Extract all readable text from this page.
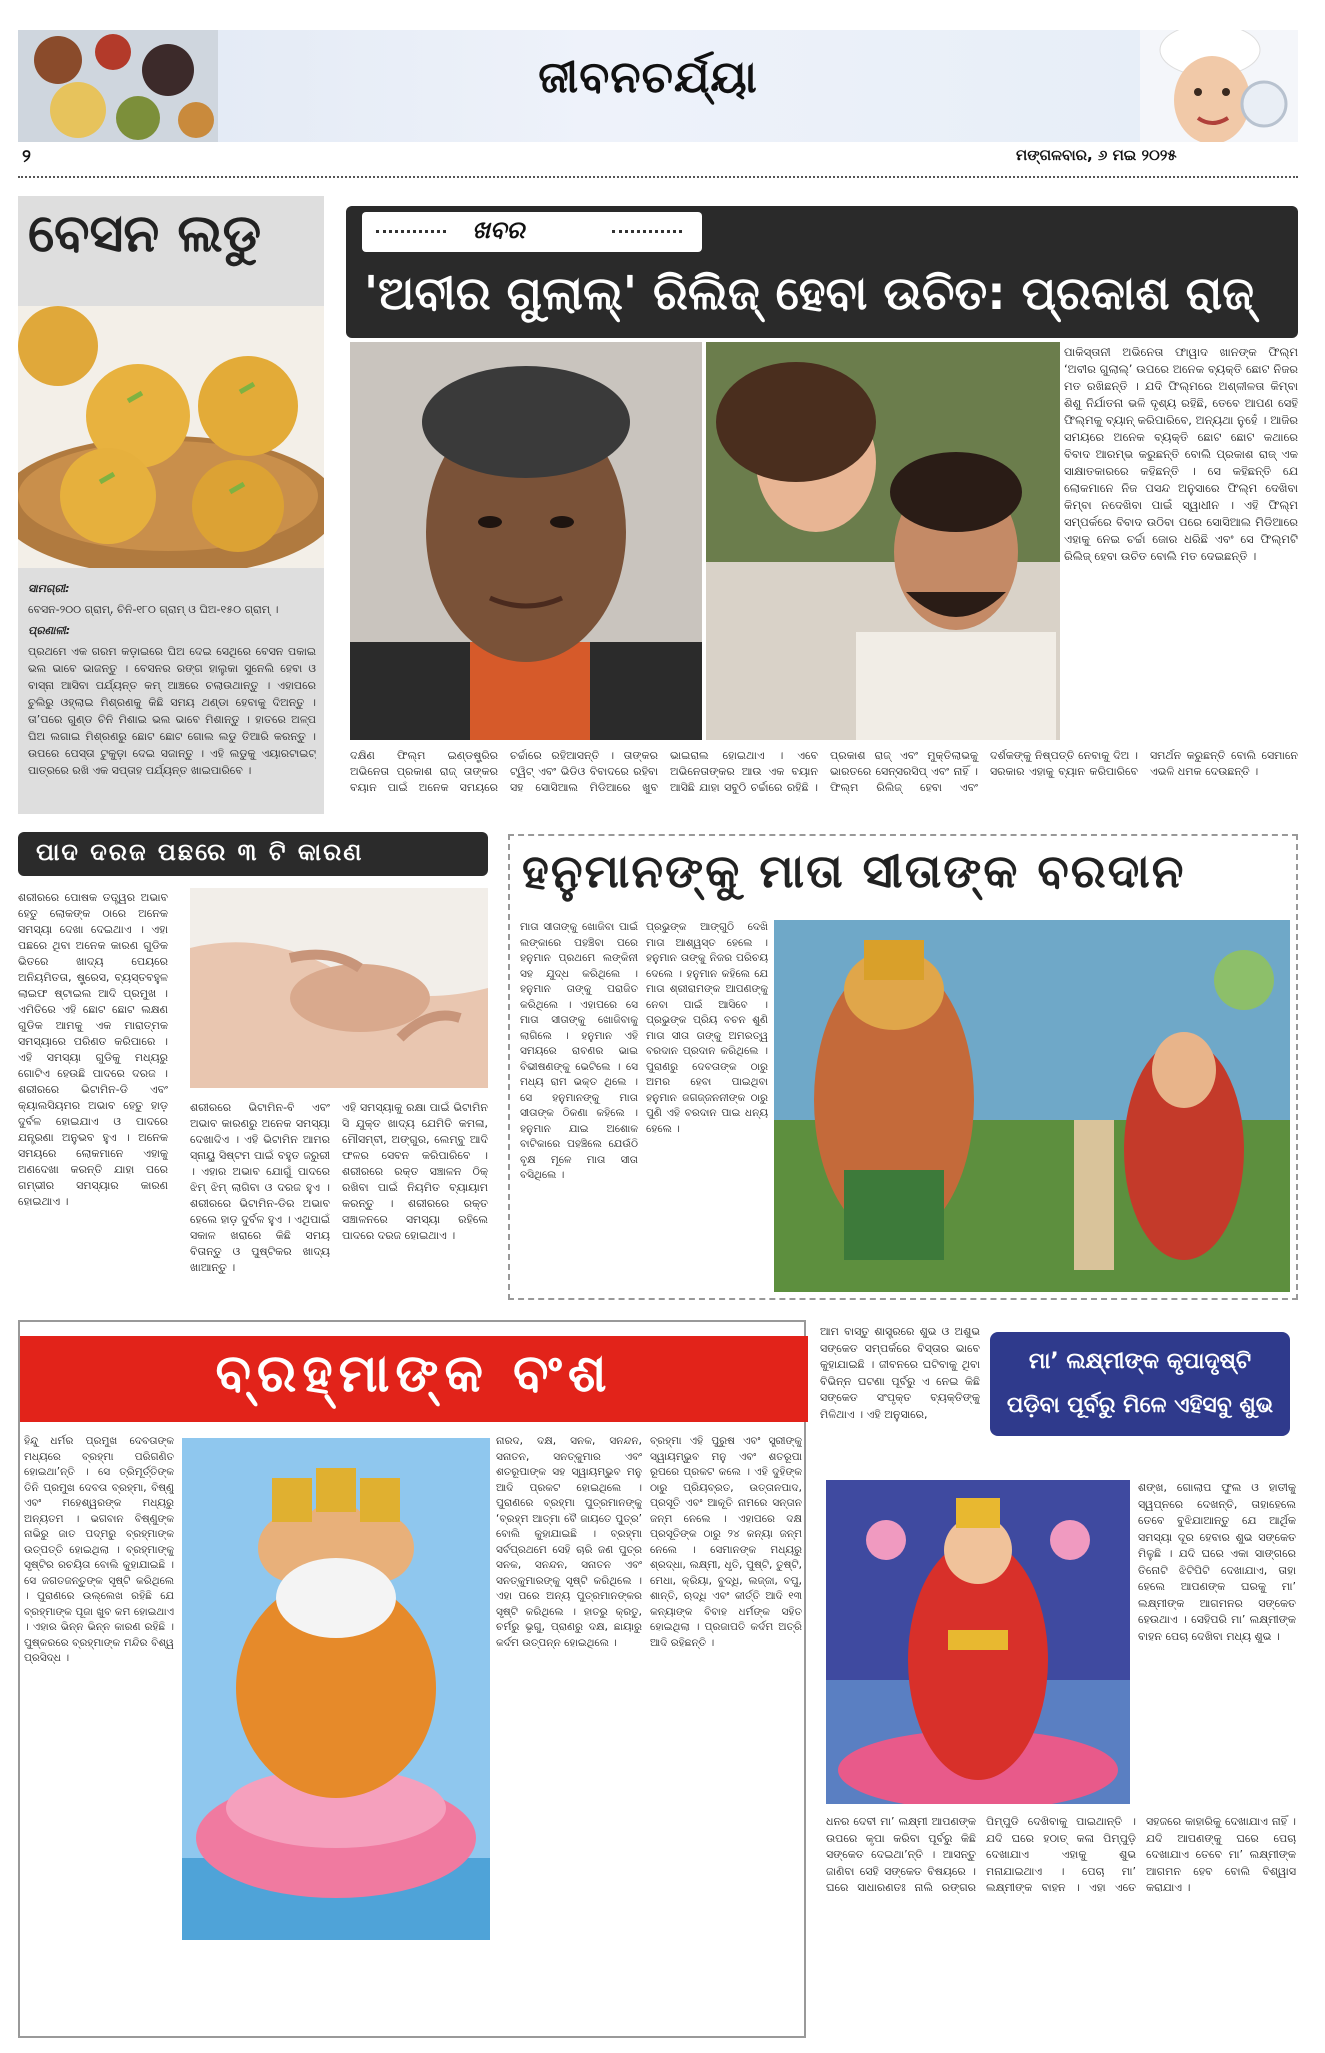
ଜୀବନଚର୍ଯ୍ୟା
୨	ମଙ୍ଗଳବାର, ୬ ମଇ ୨୦୨୫
ବେସନ ଲଡୁ

ସାମଗ୍ରୀ:

ବେସନ-୨୦୦ ଗ୍ରାମ୍, ଚିନି-୧୮୦ ଗ୍ରାମ୍ ଓ ଘିଅ-୧୫୦ ଗ୍ରାମ୍ ।

ପ୍ରଣାଳୀ:

ପ୍ରଥମେ ଏକ ଗରମ କଡ଼ାଇରେ ଘିଅ ଦେଇ ସେଥିରେ ବେସନ ପକାଇ ଭଲ ଭାବେ ଭାଜନ୍ତୁ । ବେସନର ରଙ୍ଗ ହାଲୁକା ସୁନେଲି ହେବା ଓ ବାସ୍ନା ଆସିବା ପର୍ଯ୍ୟନ୍ତ କମ୍ ଆଞ୍ଚରେ ଚଲାଉଥାନ୍ତୁ । ଏହାପରେ ଚୁଲିରୁ ଓହ୍ଲାଇ ମିଶ୍ରଣକୁ କିଛି ସମୟ ଥଣ୍ଡା ହେବାକୁ ଦିଅନ୍ତୁ । ତା’ପରେ ଗୁଣ୍ଡ ଚିନି ମିଶାଇ ଭଲ ଭାବେ ମିଶାନ୍ତୁ । ହାତରେ ଅଳ୍ପ ଘିଅ ଲଗାଇ ମିଶ୍ରଣରୁ ଛୋଟ ଛୋଟ ଗୋଲ ଲଡୁ ତିଆରି କରନ୍ତୁ । ଉପରେ ପେସ୍ତା ଟୁକୁଡ଼ା ଦେଇ ସଜାନ୍ତୁ । ଏହି ଲଡୁକୁ ଏୟାରଟାଇଟ୍ ପାତ୍ରରେ ରଖି ଏକ ସପ୍ତାହ ପର୍ଯ୍ୟନ୍ତ ଖାଇପାରିବେ ।

ଖବର
'ଅବୀର ଗୁଲାଲ୍' ରିଲିଜ୍ ହେବା ଉଚିତ: ପ୍ରକାଶ ରାଜ୍
ପାକିସ୍ତାନୀ ଅଭିନେତା ଫାୱାଦ ଖାନଙ୍କ ଫିଲ୍ମ ‘ଅବୀର ଗୁଲାଲ୍’ ଉପରେ ଅନେକ ବ୍ୟକ୍ତି ଛୋଟ ନିଜର ମତ ରଖିଛନ୍ତି । ଯଦି ଫିଲ୍ମରେ ଅଶ୍ଳୀଳତା କିମ୍ବା ଶିଶୁ ନିର୍ଯାତନା ଭଳି ଦୃଶ୍ୟ ରହିଛି, ତେବେ ଆପଣ ସେହି ଫିଲ୍ମକୁ ବ୍ୟାନ୍ କରିପାରିବେ, ଅନ୍ୟଥା ନୁହେଁ । ଆଜିର ସମୟରେ ଅନେକ ବ୍ୟକ୍ତି ଛୋଟ ଛୋଟ କଥାରେ ବିବାଦ ଆରମ୍ଭ କରୁଛନ୍ତି ବୋଲି ପ୍ରକାଶ ରାଜ୍ ଏକ ସାକ୍ଷାତକାରରେ କହିଛନ୍ତି । ସେ କହିଛନ୍ତି ଯେ ଲୋକମାନେ ନିଜ ପସନ୍ଦ ଅନୁସାରେ ଫିଲ୍ମ ଦେଖିବା କିମ୍ବା ନଦେଖିବା ପାଇଁ ସ୍ୱାଧୀନ । ଏହି ଫିଲ୍ମ ସମ୍ପର୍କରେ ବିବାଦ ଉଠିବା ପରେ ସୋସିଆଲ ମିଡିଆରେ ଏହାକୁ ନେଇ ଚର୍ଚ୍ଚା ଜୋର ଧରିଛି ଏବଂ ସେ ଫିଲ୍ମଟି ରିଲିଜ୍ ହେବା ଉଚିତ ବୋଲି ମତ ଦେଇଛନ୍ତି ।
ଦକ୍ଷିଣ ଫିଲ୍ମ ଇଣ୍ଡଷ୍ଟ୍ରିର ଅଭିନେତା ପ୍ରକାଶ ରାଜ୍ ତାଙ୍କର ବୟାନ ପାଇଁ ଅନେକ ସମୟରେ ଚର୍ଚ୍ଚାରେ ରହିଆସନ୍ତି । ତାଙ୍କର ଟ୍ୱିଟ୍ ଏବଂ ଭିଡିଓ ବିବାଦରେ ରହିବା ସହ ସୋସିଆଲ ମିଡିଆରେ ଖୁବ ଭାଇରାଲ ହୋଇଥାଏ । ଏବେ ଅଭିନେତାଙ୍କର ଆଉ ଏକ ବୟାନ ଆସିଛି ଯାହା ସବୁଠି ଚର୍ଚ୍ଚାରେ ରହିଛି । ପ୍ରକାଶ ରାଜ୍ ଏବଂ ମୁକ୍ତିଲାଭକୁ ଭାରତରେ ସେନ୍ସରସିପ୍ ଏବଂ ନାହିଁ । ଫିଲ୍ମ ରିଲିଜ୍ ହେବା ଏବଂ ଦର୍ଶକଙ୍କୁ ନିଷ୍ପତ୍ତି ନେବାକୁ ଦିଅ । ସରକାର ଏହାକୁ ବ୍ୟାନ କରିପାରିବେ ସମର୍ଥନ କରୁଛନ୍ତି ବୋଲି ସେମାନେ ଏଭଳି ଧମକ ଦେଉଛନ୍ତି ।
ପାଦ ଦରଜ ପଛରେ ୩ ଟି କାରଣ
ଶରୀରରେ ପୋଷକ ତତ୍ତ୍ୱର ଅଭାବ ହେତୁ ଲୋକଙ୍କ ଠାରେ ଅନେକ ସମସ୍ୟା ଦେଖା ଦେଇଥାଏ । ଏହା ପଛରେ ଥିବା ଅନେକ କାରଣ ଗୁଡିକ ଭିତରେ ଖାଦ୍ୟ ପେୟରେ ଅନିୟମିତତା, ଷ୍ଟ୍ରେସ, ବ୍ୟସ୍ତବହୁଳ ଲାଇଫ ଷ୍ଟାଇଲ ଆଦି ପ୍ରମୁଖ । ଏମିତିରେ ଏହି ଛୋଟ ଛୋଟ ଲକ୍ଷଣ ଗୁଡିକ ଆମକୁ ଏକ ମାରାତ୍ମକ ସମସ୍ୟାରେ ପରିଣତ କରିପାରେ । ଏହି ସମସ୍ୟା ଗୁଡିକୁ ମଧ୍ୟରୁ ଗୋଟିଏ ହେଉଛି ପାଦରେ ଦରଜ । ଶରୀରରେ ଭିଟାମିନ-ଡି ଏବଂ କ୍ୟାଲସିୟମର ଅଭାବ ହେତୁ ହାଡ଼ ଦୁର୍ବଳ ହୋଇଯାଏ ଓ ପାଦରେ ଯନ୍ତ୍ରଣା ଅନୁଭବ ହୁଏ । ଅନେକ ସମୟରେ ଲୋକମାନେ ଏହାକୁ ଅଣଦେଖା କରନ୍ତି ଯାହା ପରେ ଗମ୍ଭୀର ସମସ୍ୟାର କାରଣ ହୋଇଥାଏ ।
ଶରୀରରେ ଭିଟାମିନ-ବି ଏବଂ ଅଭାବ କାରଣରୁ ଅନେକ ସମସ୍ୟା ଦେଖାଦିଏ । ଏହି ଭିଟାମିନ ଆମର ସ୍ନାୟୁ ସିଷ୍ଟମ ପାଇଁ ବହୁତ ଜରୁରୀ । ଏହାର ଅଭାବ ଯୋଗୁଁ ପାଦରେ ଝିମ୍ ଝିମ୍ ଲାଗିବା ଓ ଦରଜ ହୁଏ । ଶରୀରରେ ଭିଟାମିନ-ଡିର ଅଭାବ ହେଲେ ହାଡ଼ ଦୁର୍ବଳ ହୁଏ । ଏଥିପାଇଁ ସକାଳ ଖରାରେ କିଛି ସମୟ ବିତାନ୍ତୁ ଓ ପୁଷ୍ଟିକର ଖାଦ୍ୟ ଖାଆନ୍ତୁ ।
ଏହି ସମସ୍ୟାକୁ ରକ୍ଷା ପାଇଁ ଭିଟାମିନ ସି ଯୁକ୍ତ ଖାଦ୍ୟ ଯେମିତି କମଳା, ମୌସମ୍ବୀ, ଅଙ୍ଗୁର, ଲେମ୍ବୁ ଆଦି ଫଳର ସେବନ କରିପାରିବେ । ଶରୀରରେ ରକ୍ତ ସଞ୍ଚାଳନ ଠିକ୍ ରଖିବା ପାଇଁ ନିୟମିତ ବ୍ୟାୟାମ କରନ୍ତୁ । ଶରୀରରେ ରକ୍ତ ସଞ୍ଚାଳନରେ ସମସ୍ୟା ରହିଲେ ପାଦରେ ଦରଜ ହୋଇଥାଏ ।
ହନୁମାନଙ୍କୁ ମାତା ସୀତାଙ୍କ ବରଦାନ
ମାତା ସୀତାଙ୍କୁ ଖୋଜିବା ପାଇଁ ଲଙ୍କାରେ ପହଞ୍ଚିବା ପରେ ହନୁମାନ ପ୍ରଥମେ ଲଙ୍କିନୀ ସହ ଯୁଦ୍ଧ କରିଥିଲେ । ହନୁମାନ ତାଙ୍କୁ ପରାଜିତ କରିଥିଲେ । ଏହାପରେ ସେ ମାତା ସୀତାଙ୍କୁ ଖୋଜିବାକୁ ଲାଗିଲେ । ହନୁମାନ ଏହି ସମୟରେ ରାବଣର ଭାଇ ବିଭୀଷଣଙ୍କୁ ଭେଟିଲେ । ସେ ମଧ୍ୟ ରାମ ଭକ୍ତ ଥିଲେ । ସେ ହନୁମାନଙ୍କୁ ମାତା ସୀତାଙ୍କ ଠିକଣା କହିଲେ । ହନୁମାନ ଯାଇ ଅଶୋକ ବାଟିକାରେ ପହଞ୍ଚିଲେ ଯେଉଁଠି ବୃକ୍ଷ ମୂଳେ ମାତା ସୀତା ବସିଥିଲେ ।
ପ୍ରଭୁଙ୍କ ଆଙ୍ଗୁଠି ଦେଖି ମାତା ଆଶ୍ୱସ୍ତ ହେଲେ । ହନୁମାନ ତାଙ୍କୁ ନିଜର ପରିଚୟ ଦେଲେ । ହନୁମାନ କହିଲେ ଯେ ମାତା ଶ୍ରୀରାମଙ୍କ ଆପଣଙ୍କୁ ନେବା ପାଇଁ ଆସିବେ । ପ୍ରଭୁଙ୍କ ପ୍ରିୟ ବଚନ ଶୁଣି ମାତା ସୀତା ତାଙ୍କୁ ଅମରତ୍ୱ ବରଦାନ ପ୍ରଦାନ କରିଥିଲେ । ପୁରାଣରୁ ଦେବତାଙ୍କ ଠାରୁ ଅମର ହେବା ପାଇଥିବା ହନୁମାନ ଜଗଜ୍ଜନନୀଙ୍କ ଠାରୁ ପୁଣି ଏହି ବରଦାନ ପାଇ ଧନ୍ୟ ହେଲେ ।
ବ୍ରହ୍ମାଙ୍କ ବଂଶ
ହିନ୍ଦୁ ଧର୍ମର ପ୍ରମୁଖ ଦେବତାଙ୍କ ମଧ୍ୟରେ ବ୍ରହ୍ମା ପରିଗଣିତ ହୋଇଥା’ନ୍ତି । ସେ ତ୍ରିମୂର୍ତ୍ତିଙ୍କ ତିନି ପ୍ରମୁଖ ଦେବତା ବ୍ରହ୍ମା, ବିଷ୍ଣୁ ଏବଂ ମହେଶ୍ୱରଙ୍କ ମଧ୍ୟରୁ ଅନ୍ୟତମ । ଭଗବାନ ବିଷ୍ଣୁଙ୍କ ନାଭିରୁ ଜାତ ପଦ୍ମରୁ ବ୍ରହ୍ମାଙ୍କ ଉତ୍ପତ୍ତି ହୋଇଥିଲା । ବ୍ରହ୍ମାଙ୍କୁ ସୃଷ୍ଟିର ରଚୟିତା ବୋଲି କୁହାଯାଇଛି । ସେ ଜଗତଜନ୍ତୁଙ୍କ ସୃଷ୍ଟି କରିଥିଲେ । ପୁରାଣରେ ଉଲ୍ଲେଖ ରହିଛି ଯେ ବ୍ରହ୍ମାଙ୍କ ପୂଜା ଖୁବ କମ ହୋଇଥାଏ । ଏହାର ଭିନ୍ନ ଭିନ୍ନ କାରଣ ରହିଛି । ପୁଷ୍କରରେ ବ୍ରହ୍ମାଙ୍କ ମନ୍ଦିର ବିଶ୍ୱ ପ୍ରସିଦ୍ଧ ।
ନାରଦ, ଦକ୍ଷ, ସନକ, ସନନ୍ଦନ, ସନାତନ, ସନତ୍କୁମାର ଏବଂ ଶତରୂପାଙ୍କ ସହ ସ୍ୱାୟମ୍ଭୁବ ମନୁ ଆଦି ପ୍ରକଟ ହୋଇଥିଲେ । ପୁରାଣରେ ବ୍ରହ୍ମା ପୁତ୍ରମାନଙ୍କୁ ‘ବ୍ରହ୍ମ ଆତ୍ମା ବୈ ଜାୟତେ ପୁତ୍ର’ ବୋଲି କୁହାଯାଇଛି । ବ୍ରହ୍ମା ସର୍ବପ୍ରଥମେ ସେହି ଚାରି ଜଣ ପୁତ୍ର ସନକ, ସନନ୍ଦନ, ସନାତନ ଏବଂ ସନତ୍କୁମାରଙ୍କୁ ସୃଷ୍ଟି କରିଥିଲେ । ଏହା ପରେ ଅନ୍ୟ ପୁତ୍ରମାନଙ୍କର ସୃଷ୍ଟି କରିଥିଲେ । ହାତରୁ କ୍ରତୁ, ଚର୍ମରୁ ଭୃଗୁ, ପ୍ରାଣରୁ ଦକ୍ଷ, ଛାୟାରୁ କର୍ଦମ ଉତ୍ପନ୍ନ ହୋଇଥିଲେ ।
ବ୍ରହ୍ମା ଏହି ପୁରୁଷ ଏବଂ ସ୍ତ୍ରୀଙ୍କୁ ସ୍ୱାୟମ୍ଭୁବ ମନୁ ଏବଂ ଶତରୂପା ରୂପରେ ପ୍ରକଟ କଲେ । ଏହି ଦୁହିଙ୍କ ଠାରୁ ପ୍ରିୟବ୍ରତ, ଉତ୍ତାନପାଦ, ପ୍ରସୂତି ଏବଂ ଆକୂତି ନାମରେ ସନ୍ତାନ ଜନ୍ମ ନେଲେ । ଏହାପରେ ଦକ୍ଷ ପ୍ରସୂତିଙ୍କ ଠାରୁ ୨୪ କନ୍ୟା ଜନ୍ମ ନେଲେ । ସେମାନଙ୍କ ମଧ୍ୟରୁ ଶ୍ରଦ୍ଧା, ଲକ୍ଷ୍ମୀ, ଧୃତି, ପୁଷ୍ଟି, ତୁଷ୍ଟି, ମେଧା, କ୍ରିୟା, ବୁଦ୍ଧି, ଲଜ୍ଜା, ବପୁ, ଶାନ୍ତି, ଋଦ୍ଧି ଏବଂ କୀର୍ତ୍ତି ଆଦି ୧୩ କନ୍ୟାଙ୍କ ବିବାହ ଧର୍ମଙ୍କ ସହିତ ହୋଇଥିଲା । ପ୍ରଜାପତି କର୍ଦମ ଅତ୍ରି ଆଦି ରହିଛନ୍ତି ।
ଆମ ବାସ୍ତୁ ଶାସ୍ତ୍ରରେ ଶୁଭ ଓ ଅଶୁଭ ସଙ୍କେତ ସମ୍ପର୍କରେ ବିସ୍ତାର ଭାବେ କୁହାଯାଇଛି । ଜୀବନରେ ଘଟିବାକୁ ଥିବା ବିଭିନ୍ନ ଘଟଣା ପୂର୍ବରୁ ଏ ନେଇ କିଛି ସଙ୍କେତ ସଂପୃକ୍ତ ବ୍ୟକ୍ତିଙ୍କୁ ମିଳିଥାଏ । ଏହି ଅନୁସାରେ,
ମା’ ଲକ୍ଷ୍ମୀଙ୍କ କୃପାଦୃଷ୍ଟି ପଡ଼ିବା ପୂର୍ବରୁ ମିଳେ ଏହିସବୁ ଶୁଭ ସଙ୍କେତ
ଶଙ୍ଖ, ଗୋଲାପ ଫୁଲ ଓ ହାତୀକୁ ସ୍ୱପ୍ନରେ ଦେଖନ୍ତି, ତାହାହେଲେ ତେବେ ବୁଝିଯାଆନ୍ତୁ ଯେ ଆର୍ଥିକ ସମସ୍ୟା ଦୂର ହେବାର ଶୁଭ ସଙ୍କେତ ମିଳୁଛି । ଯଦି ଘରେ ଏକା ସାଙ୍ଗରେ ତିନୋଟି ଝିଟିପିଟି ଦେଖାଯାଏ, ତାହା ହେଲେ ଆପଣଙ୍କ ଘରକୁ ମା’ ଲକ୍ଷ୍ମୀଙ୍କ ଆଗମନର ସଙ୍କେତ ହେଉଥାଏ । ସେହିପରି ମା’ ଲକ୍ଷ୍ମୀଙ୍କ ବାହନ ପେଚା ଦେଖିବା ମଧ୍ୟ ଶୁଭ ।
ଧନର ଦେବୀ ମା’ ଲକ୍ଷ୍ମୀ ଆପଣଙ୍କ ଉପରେ କୃପା କରିବା ପୂର୍ବରୁ କିଛି ସଙ୍କେତ ଦେଇଥା’ନ୍ତି । ଆସନ୍ତୁ ଜାଣିବା ସେହି ସଙ୍କେତ ବିଷୟରେ । ଘରେ ସାଧାରଣତଃ ନାଲି ରଙ୍ଗର ପିମ୍ପୁଡି ଦେଖିବାକୁ ପାଇଥାନ୍ତି । ଯଦି ଘରେ ହଠାତ୍ କଳା ପିମ୍ପୁଡ଼ି ଦେଖାଯାଏ ଏହାକୁ ଶୁଭ ମନାଯାଇଥାଏ । ପେଚା ମା’ ଲକ୍ଷ୍ମୀଙ୍କ ବାହନ । ଏହା ଏତେ ସହଜରେ କାହାରିକୁ ଦେଖାଯାଏ ନାହିଁ । ଯଦି ଆପଣଙ୍କୁ ଘରେ ପେଚା ଦେଖାଯାଏ ତେବେ ମା’ ଲକ୍ଷ୍ମୀଙ୍କ ଆଗମନ ହେବ ବୋଲି ବିଶ୍ୱାସ କରାଯାଏ ।
